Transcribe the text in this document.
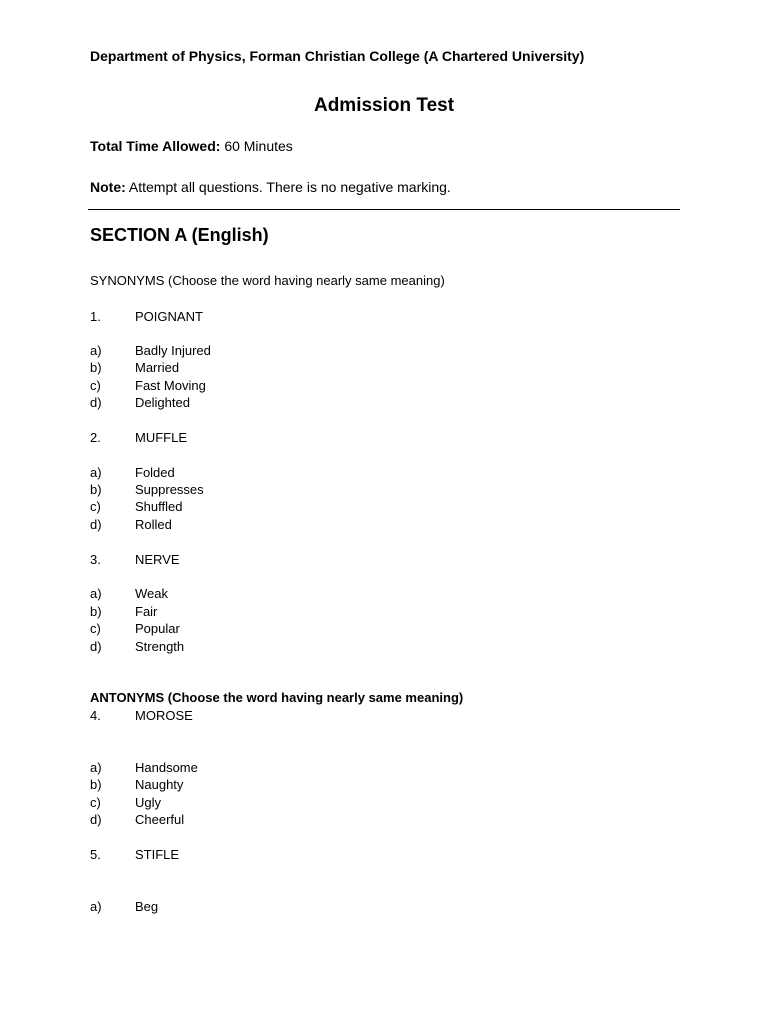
Department of Physics, Forman Christian College (A Chartered University)
Admission Test
Total Time Allowed: 60 Minutes
Note: Attempt all questions. There is no negative marking.
SECTION A (English)
SYNONYMS (Choose the word having nearly same meaning)
1.	POIGNANT
a)	Badly Injured
b)	Married
c)	Fast Moving
d)	Delighted
2.	MUFFLE
a)	Folded
b)	Suppresses
c)	Shuffled
d)	Rolled
3.	NERVE
a)	Weak
b)	Fair
c)	Popular
d)	Strength
ANTONYMS (Choose the word having nearly same meaning)
4.	MOROSE
a)	Handsome
b)	Naughty
c)	Ugly
d)	Cheerful
5.	STIFLE
a)	Beg
